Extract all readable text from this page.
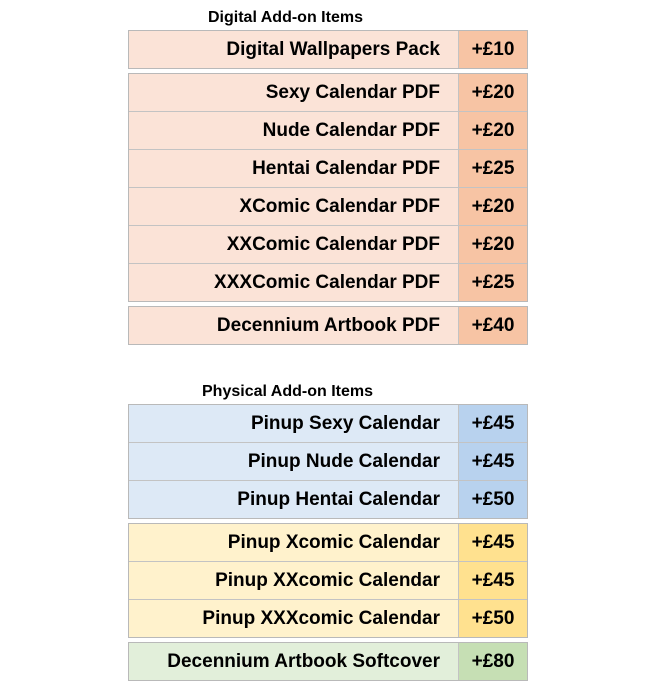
Digital Add-on Items
Digital Wallpapers Pack	+£10
Sexy Calendar PDF	+£20
Nude Calendar PDF	+£20
Hentai Calendar PDF	+£25
XComic Calendar PDF	+£20
XXComic Calendar PDF	+£20
XXXComic Calendar PDF	+£25
Decennium Artbook PDF	+£40
Physical Add-on Items
Pinup Sexy Calendar	+£45
Pinup Nude Calendar	+£45
Pinup Hentai Calendar	+£50
Pinup Xcomic Calendar	+£45
Pinup XXcomic Calendar	+£45
Pinup XXXcomic Calendar	+£50
Decennium Artbook Softcover	+£80
